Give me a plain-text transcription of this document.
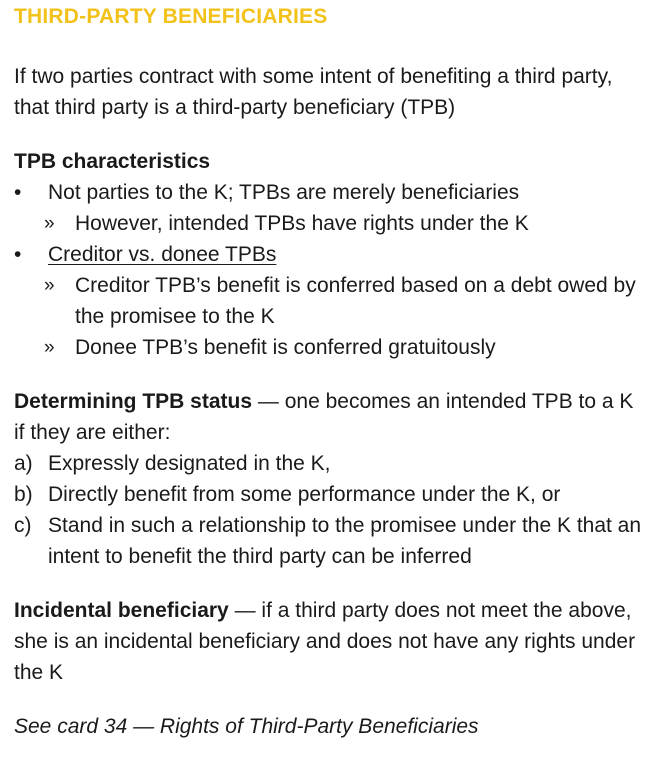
THIRD-PARTY BENEFICIARIES

If two parties contract with some intent of benefiting a third party, that third party is a third-party beneficiary (TPB)

TPB characteristics
•	Not parties to the K; TPBs are merely beneficiaries
» However, intended TPBs have rights under the K
•	Creditor vs. donee TPBs
» Creditor TPB’s benefit is conferred based on a debt owed by the promisee to the K
» Donee TPB’s benefit is conferred gratuitously
Determining TPB status — one becomes an intended TPB to a K if they are either:
a) Expressly designated in the K,
b) Directly benefit from some performance under the K, or
c) Stand in such a relationship to the promisee under the K that an intent to benefit the third party can be inferred
Incidental beneficiary — if a third party does not meet the above, she is an incidental beneficiary and does not have any rights under the K
See card 34 — Rights of Third-Party Beneficiaries
